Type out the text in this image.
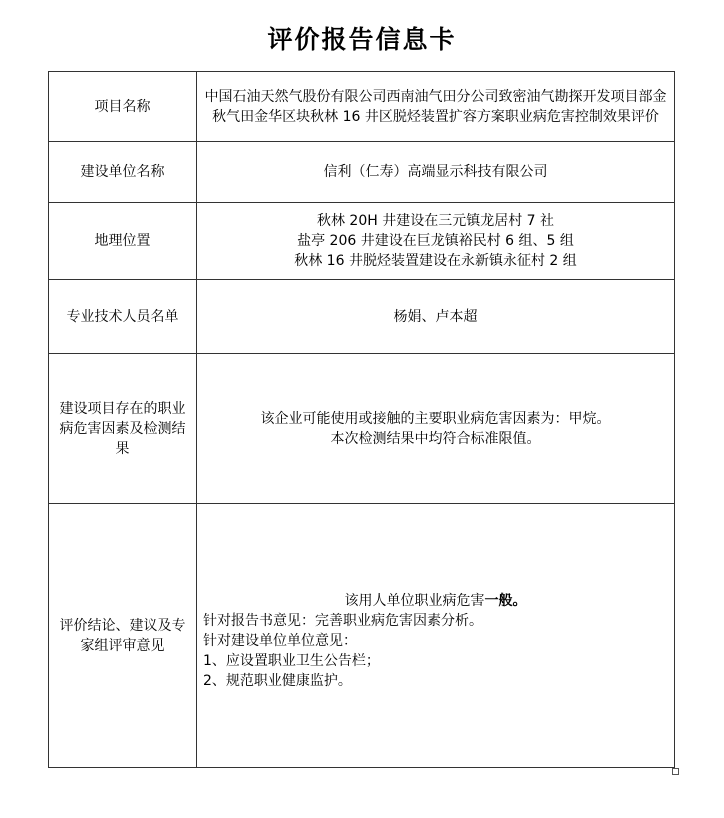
评价报告信息卡
项目名称	中国石油天然气股份有限公司西南油气田分公司致密油气勘探开发项目部金秋气田金华区块秋林 16 井区脱烃装置扩容方案职业病危害控制效果评价
建设单位名称	信利（仁寿）高端显示科技有限公司
地理位置	秋林 20H 井建设在三元镇龙居村 7 社

盐亭 206 井建设在巨龙镇裕民村 6 组、5 组

秋林 16 井脱烃装置建设在永新镇永征村 2 组

专业技术人员名单	杨娟、卢本超
建设项目存在的职业病危害因素及检测结果	该企业可能使用或接触的主要职业病危害因素为：甲烷。

本次检测结果中均符合标准限值。

评价结论、建议及专家组评审意见	该用人单位职业病危害一般。

针对报告书意见：完善职业病危害因素分析。

针对建设单位单位意见：

1、应设置职业卫生公告栏；

2、规范职业健康监护。
